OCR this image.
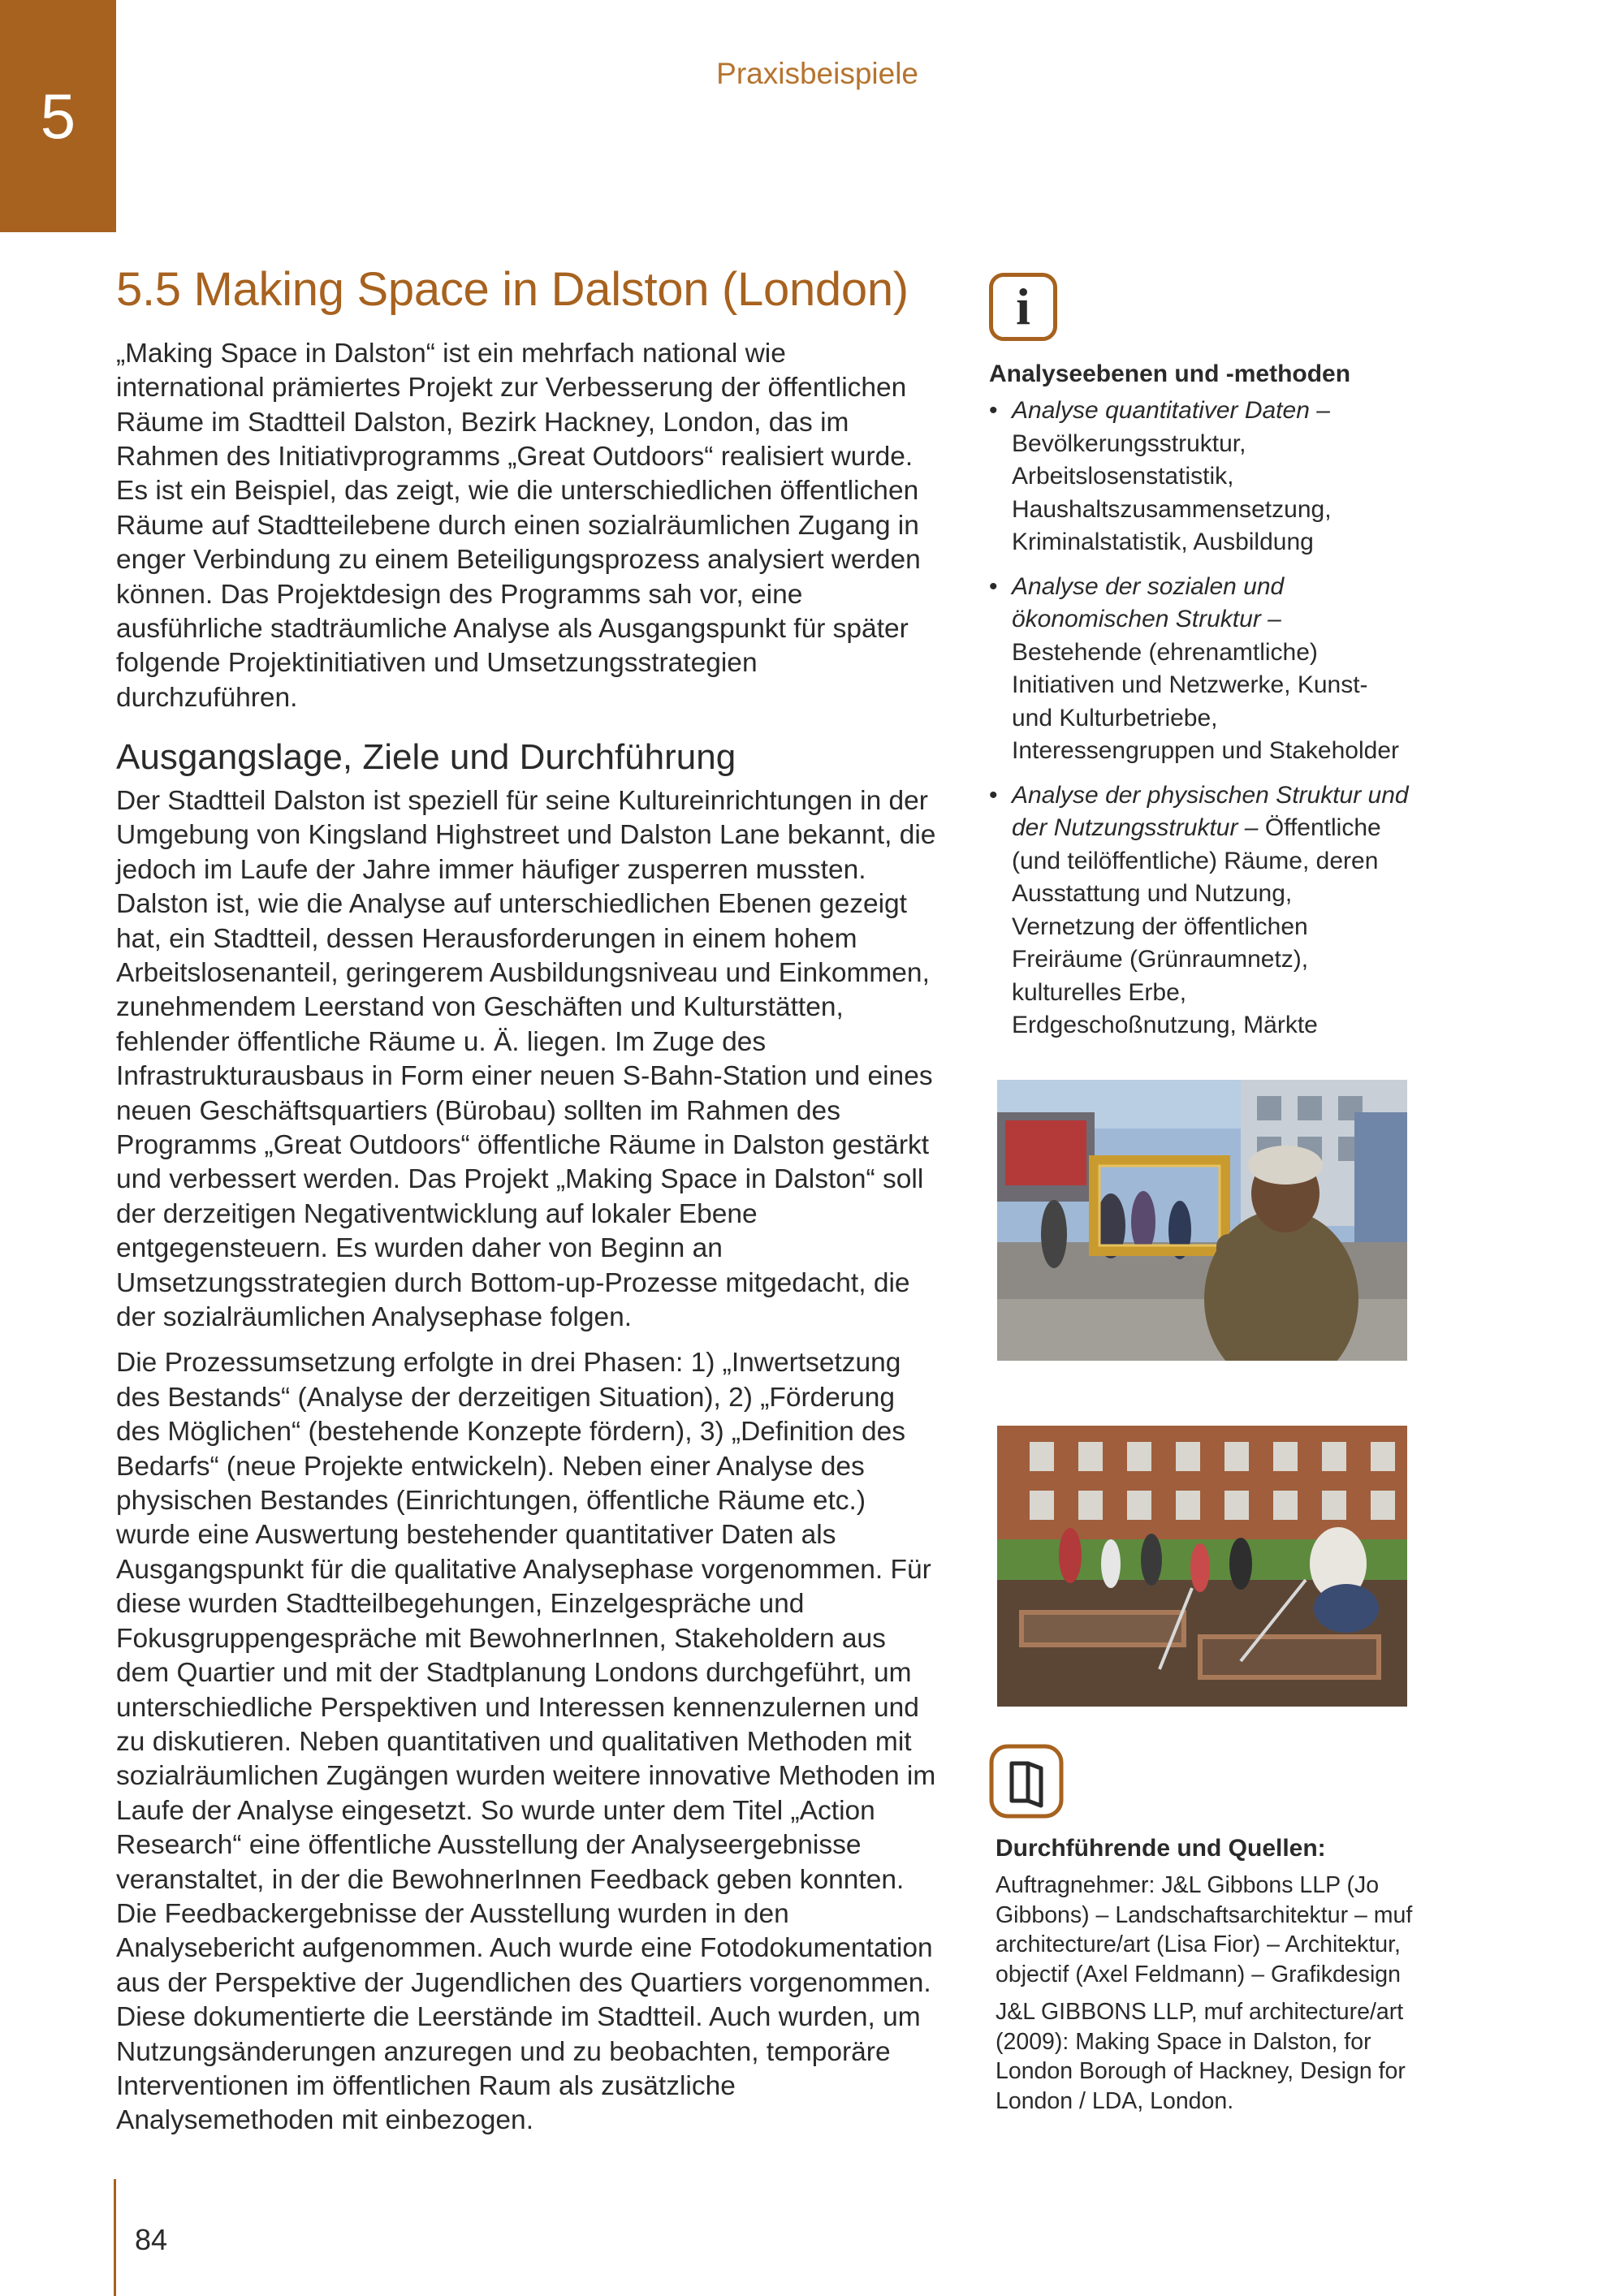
5
Praxisbeispiele
5.5 Making Space in Dalston (London)

„Making Space in Dalston“ ist ein mehrfach national wie international prämiertes Projekt zur Verbesserung der öffentlichen Räume im Stadtteil Dalston, Bezirk Hackney, London, das im Rahmen des Initiativprogramms „Great Outdoors“ realisiert wurde. Es ist ein Beispiel, das zeigt, wie die unterschiedlichen öffentlichen Räume auf Stadtteilebene durch einen sozialräumlichen Zugang in enger Verbindung zu einem Beteiligungsprozess analysiert werden können. Das Projektdesign des Programms sah vor, eine ausführliche stadträumliche Analyse als Ausgangspunkt für später folgende Projektinitiativen und Umsetzungsstrategien durchzuführen.

Ausgangslage, Ziele und Durchführung

Der Stadtteil Dalston ist speziell für seine Kultureinrichtungen in der Umgebung von Kingsland Highstreet und Dalston Lane bekannt, die jedoch im Laufe der Jahre immer häufiger zusperren mussten. Dalston ist, wie die Analyse auf unterschiedlichen Ebenen gezeigt hat, ein Stadtteil, dessen Herausforderungen in einem hohem Arbeitslosenanteil, geringerem Ausbildungsniveau und Einkommen, zunehmendem Leerstand von Geschäften und Kulturstätten, fehlender öffentliche Räume u. Ä. liegen. Im Zuge des Infrastrukturausbaus in Form einer neuen S-Bahn-Station und eines neuen Geschäftsquartiers (Bürobau) sollten im Rahmen des Programms „Great Outdoors“ öffentliche Räume in Dalston gestärkt und verbessert werden. Das Projekt „Making Space in Dalston“ soll der derzeitigen Negativentwicklung auf lokaler Ebene entgegensteuern. Es wurden daher von Beginn an Umsetzungsstrategien durch Bottom-up-Prozesse mitgedacht, die der sozialräumlichen Analysephase folgen.

Die Prozessumsetzung erfolgte in drei Phasen: 1) „Inwertsetzung des Bestands“ (Analyse der derzeitigen Situation), 2) „Förderung des Möglichen“ (bestehende Konzepte fördern), 3) „Definition des Bedarfs“ (neue Projekte entwickeln). Neben einer Analyse des physischen Bestandes (Einrichtungen, öffentliche Räume etc.) wurde eine Auswertung bestehender quantitativer Daten als Ausgangspunkt für die qualitative Analysephase vorgenommen. Für diese wurden Stadtteilbegehungen, Einzelgespräche und Fokusgruppengespräche mit BewohnerInnen, Stakeholdern aus dem Quartier und mit der Stadtplanung Londons durchgeführt, um unterschiedliche Perspektiven und Interessen kennenzulernen und zu diskutieren. Neben quantitativen und qualitativen Methoden mit sozialräumlichen Zugängen wurden weitere innovative Methoden im Laufe der Analyse eingesetzt. So wurde unter dem Titel „Action Research“ eine öffentliche Ausstellung der Analyseergebnisse veranstaltet, in der die BewohnerInnen Feedback geben konnten. Die Feedbackergebnisse der Ausstellung wurden in den Analysebericht aufgenommen. Auch wurde eine Fotodokumentation aus der Perspektive der Jugendlichen des Quartiers vorgenommen. Diese dokumentierte die Leerstände im Stadtteil. Auch wurden, um Nutzungsänderungen anzuregen und zu beobachten, temporäre Interventionen im öffentlichen Raum als zusätzliche Analysemethoden mit einbezogen.

i
Analyseebenen und -methoden
• Analyse quantitativer Daten – Bevölkerungsstruktur, Arbeitslosenstatistik, Haushaltszusammensetzung, Kriminalstatistik, Ausbildung
• Analyse der sozialen und ökonomischen Struktur – Bestehende (ehrenamtliche) Initiativen und Netzwerke, Kunst- und Kulturbetriebe, Interessengruppen und Stakeholder
• Analyse der physischen Struktur und der Nutzungsstruktur – Öffentliche (und teilöffentliche) Räume, deren Ausstattung und Nutzung, Vernetzung der öffentlichen Freiräume (Grünraumnetz), kulturelles Erbe, Erdgeschoßnutzung, Märkte
Durchführende und Quellen:

Auftragnehmer: J&L Gibbons LLP (Jo Gibbons) – Landschaftsarchitektur – muf architecture/art (Lisa Fior) – Architektur, objectif (Axel Feldmann) – Grafikdesign

J&L GIBBONS LLP, muf architecture/art (2009): Making Space in Dalston, for London Borough of Hackney, Design for London / LDA, London.

84
